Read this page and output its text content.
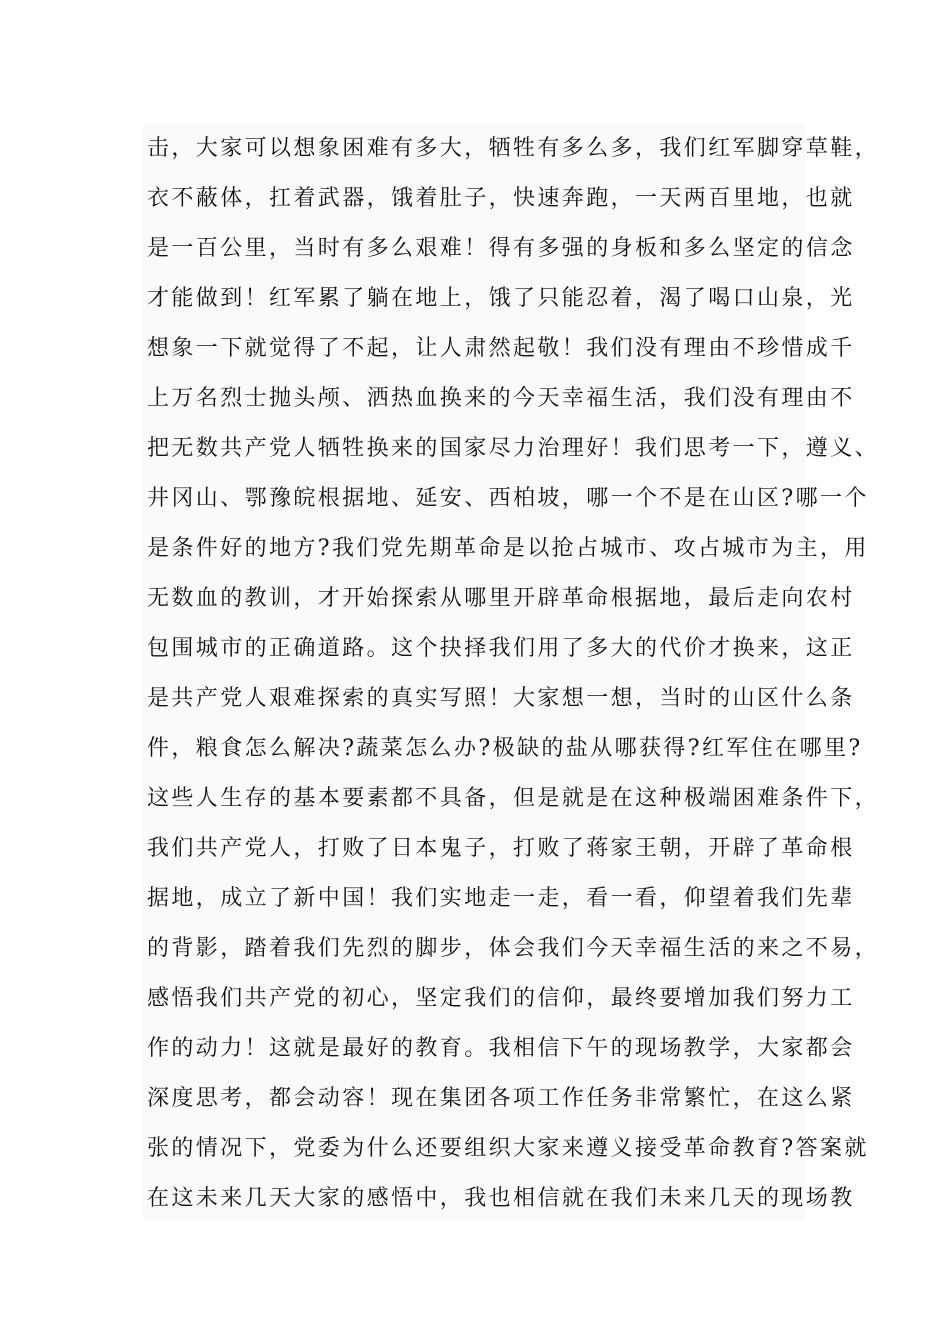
击，大家可以想象困难有多大，牺牲有多么多，我们红军脚穿草鞋，
衣不蔽体，扛着武器，饿着肚子，快速奔跑，一天两百里地，也就
是一百公里，当时有多么艰难！得有多强的身板和多么坚定的信念
才能做到！红军累了躺在地上，饿了只能忍着，渴了喝口山泉，光
想象一下就觉得了不起，让人肃然起敬！我们没有理由不珍惜成千
上万名烈士抛头颅、洒热血换来的今天幸福生活，我们没有理由不
把无数共产党人牺牲换来的国家尽力治理好！我们思考一下，遵义、
井冈山、鄂豫皖根据地、延安、西柏坡，哪一个不是在山区?哪一个
是条件好的地方?我们党先期革命是以抢占城市、攻占城市为主，用
无数血的教训，才开始探索从哪里开辟革命根据地，最后走向农村
包围城市的正确道路。这个抉择我们用了多大的代价才换来，这正
是共产党人艰难探索的真实写照！大家想一想，当时的山区什么条
件，粮食怎么解决?蔬菜怎么办?极缺的盐从哪获得?红军住在哪里?
这些人生存的基本要素都不具备，但是就是在这种极端困难条件下，
我们共产党人，打败了日本鬼子，打败了蒋家王朝，开辟了革命根
据地，成立了新中国！我们实地走一走，看一看，仰望着我们先辈
的背影，踏着我们先烈的脚步，体会我们今天幸福生活的来之不易，
感悟我们共产党的初心，坚定我们的信仰，最终要增加我们努力工
作的动力！这就是最好的教育。我相信下午的现场教学，大家都会
深度思考，都会动容！现在集团各项工作任务非常繁忙，在这么紧
张的情况下，党委为什么还要组织大家来遵义接受革命教育?答案就
在这未来几天大家的感悟中，我也相信就在我们未来几天的现场教
